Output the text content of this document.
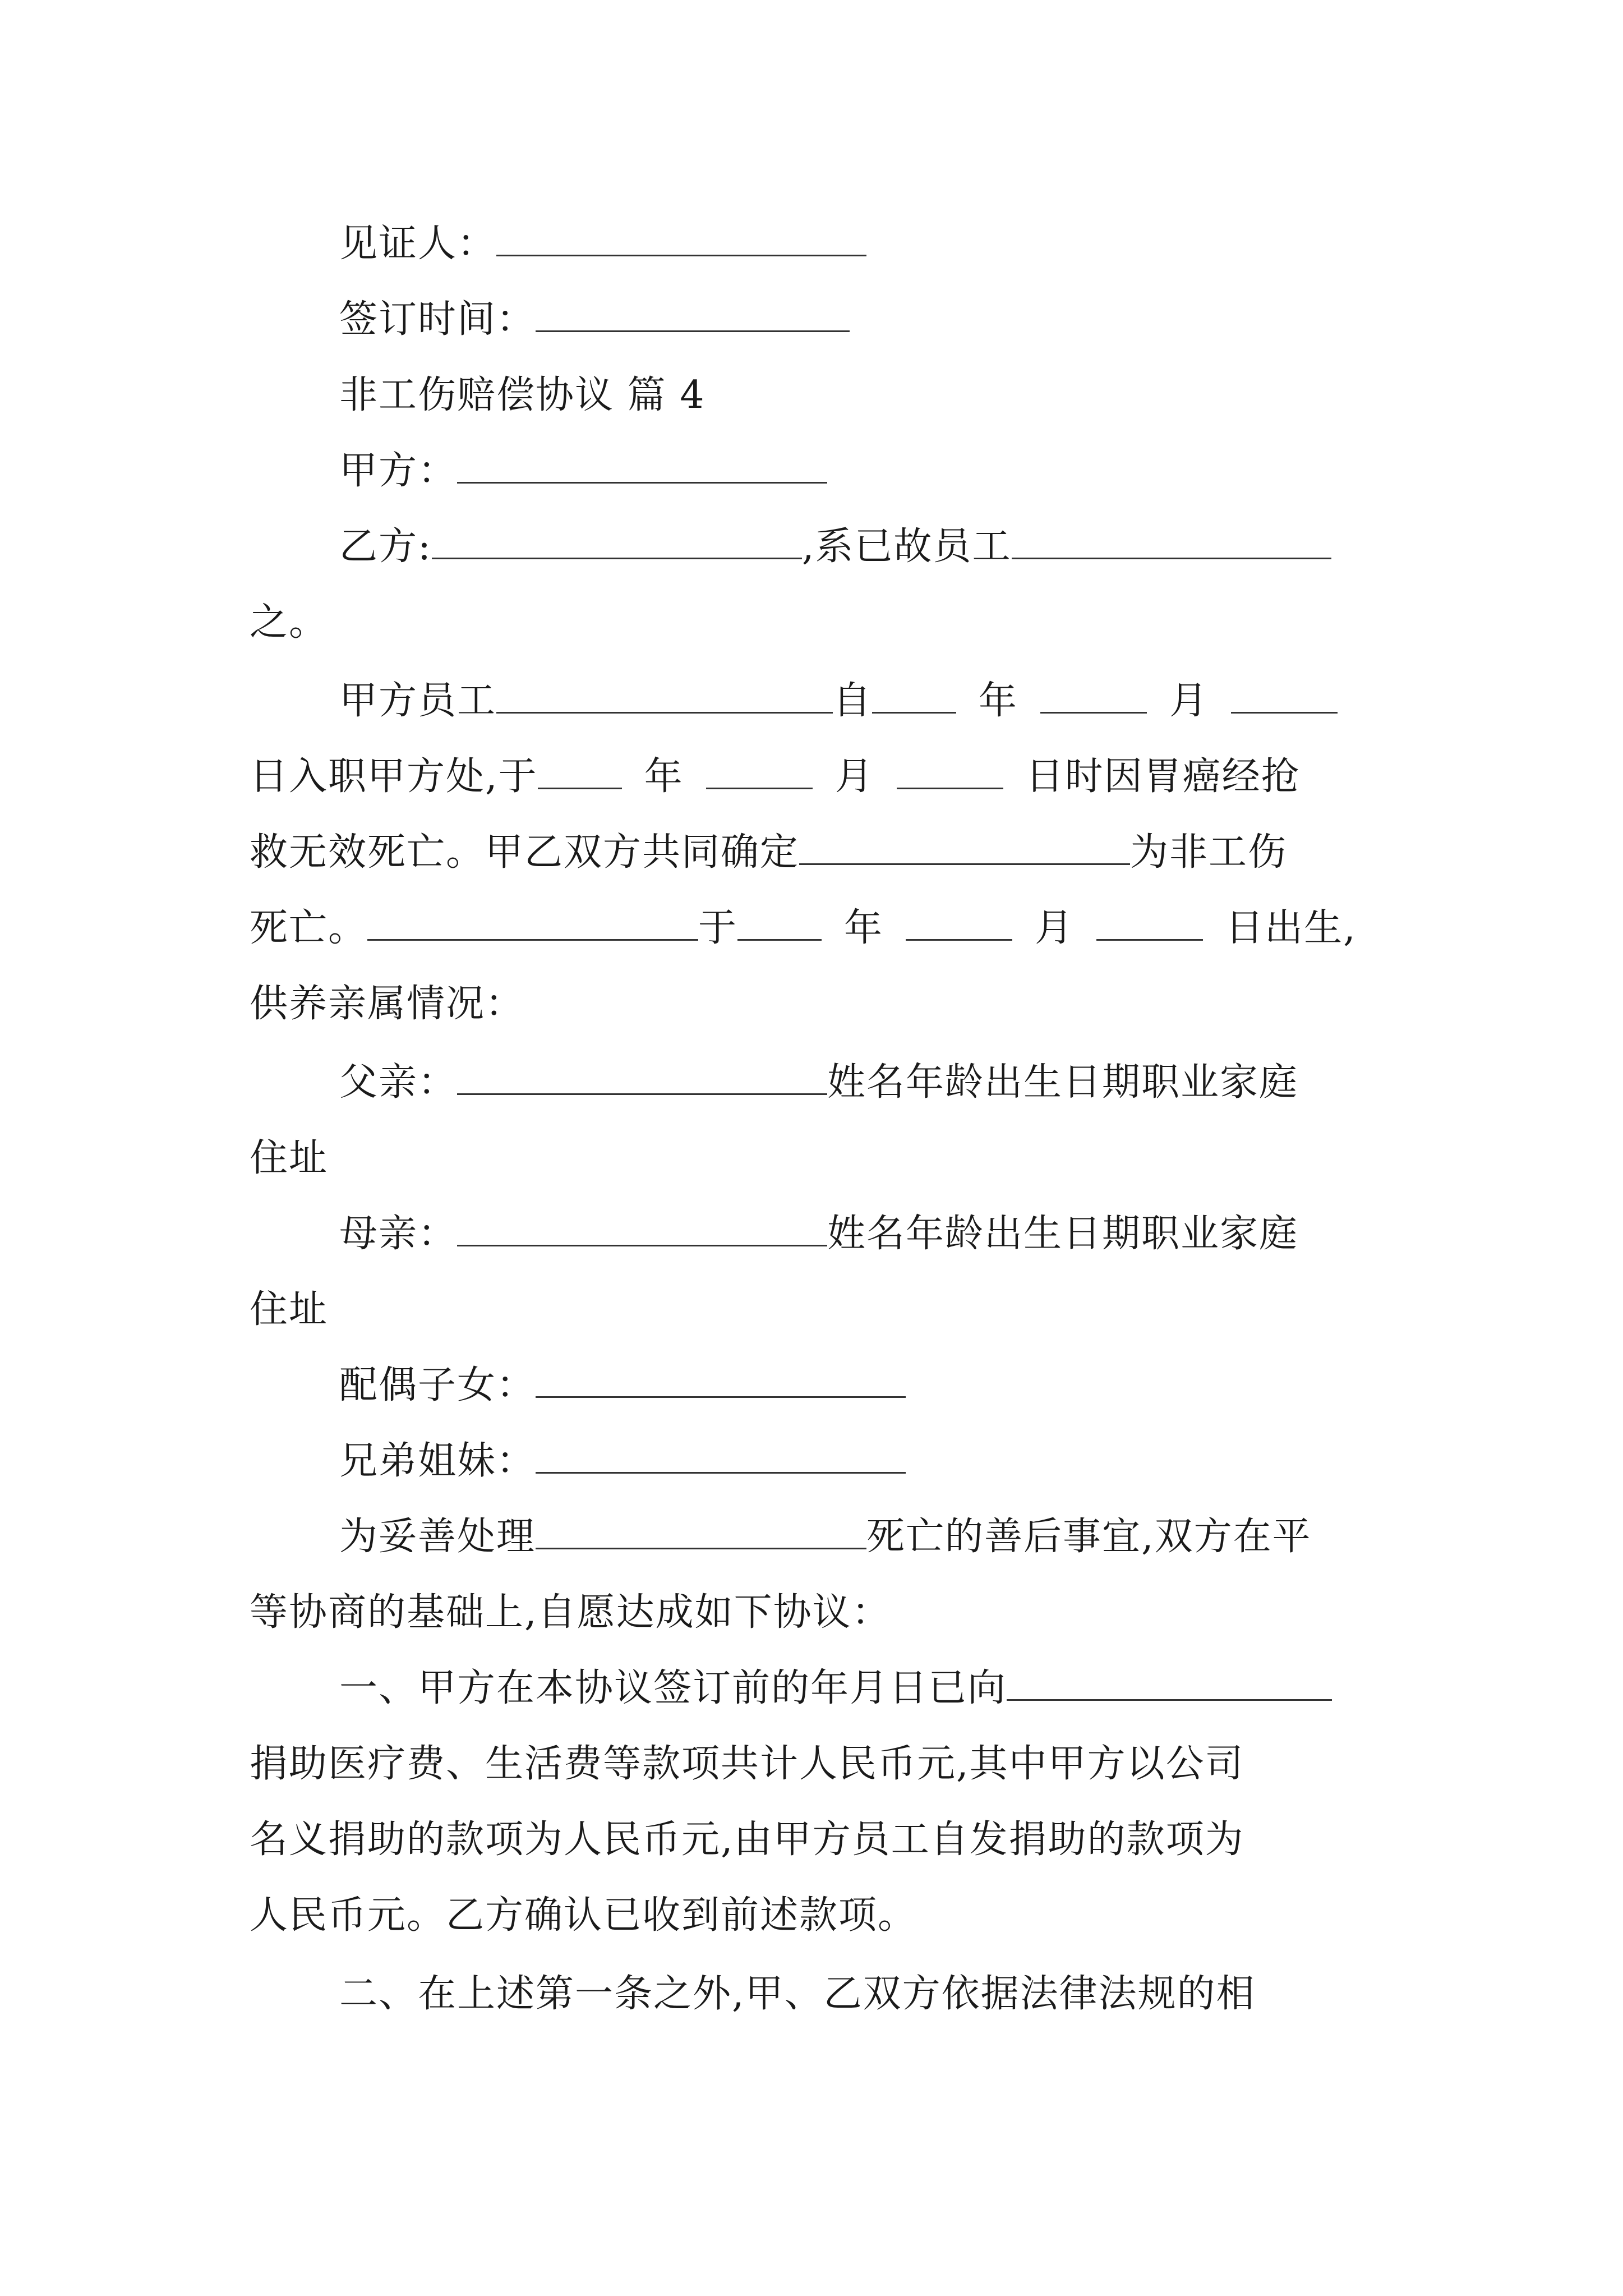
见证人：
签订时间：
非工伤赔偿协议 篇 4
甲方：
乙方:	,系已故员工
之。
甲方员工	自	年	月
日入职甲方处,于	年	月	日时因胃癌经抢
救无效死亡。甲乙双方共同确定	为非工伤
死亡。	于	年	月	日出生,
供养亲属情况：
父亲：	姓名年龄出生日期职业家庭
住址
母亲：	姓名年龄出生日期职业家庭
住址
配偶子女：
兄弟姐妹：
为妥善处理	死亡的善后事宜,双方在平
等协商的基础上,自愿达成如下协议：
一、甲方在本协议签订前的年月日已向
捐助医疗费、生活费等款项共计人民币元,其中甲方以公司
名义捐助的款项为人民币元,由甲方员工自发捐助的款项为
人民币元。乙方确认已收到前述款项。
二、在上述第一条之外,甲、乙双方依据法律法规的相
